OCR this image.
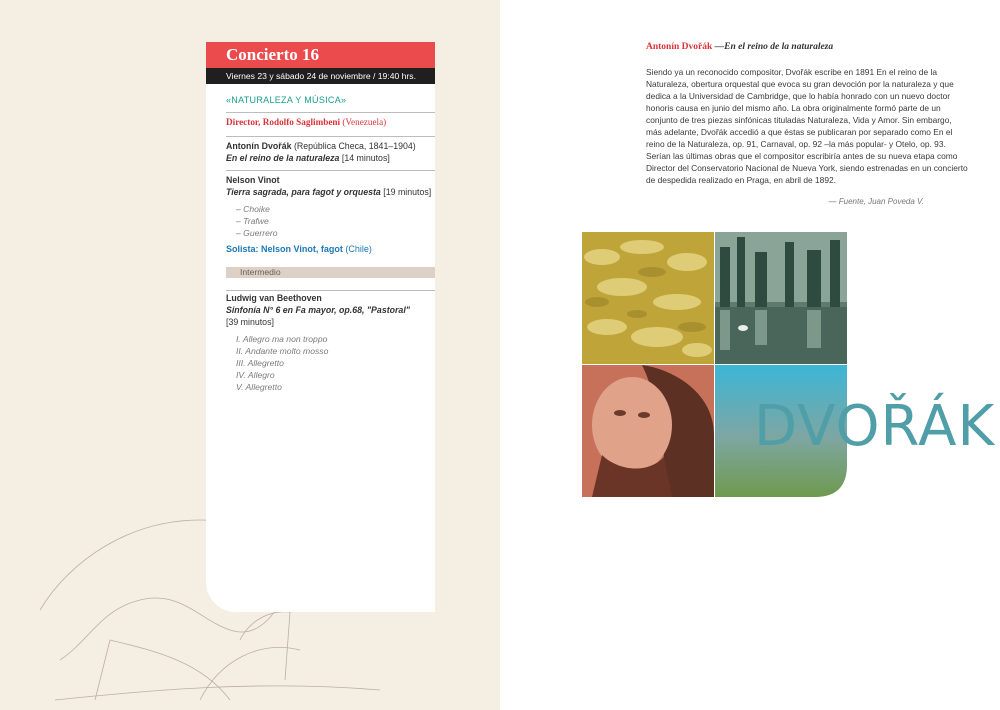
Concierto 16
Viernes 23 y sábado 24 de noviembre / 19:40 hrs.
«NATURALEZA Y MÚSICA»
Director, Rodolfo Saglimbeni (Venezuela)
Antonín Dvořák (República Checa, 1841–1904)
En el reino de la naturaleza [14 minutos]
Nelson Vinot
Tierra sagrada, para fagot y orquesta [19 minutos]
– Choike
– Trafwe
– Guerrero
Solista: Nelson Vinot, fagot (Chile)
Intermedio
Ludwig van Beethoven
Sinfonía N° 6 en Fa mayor, op.68, "Pastoral"
[39 minutos]
I. Allegro ma non troppo
II. Andante molto mosso
III. Allegretto
IV. Allegro
V. Allegretto
Antonín Dvořák —En el reino de la naturaleza
Siendo ya un reconocido compositor, Dvořák escribe en 1891 En el reino de la Naturaleza, obertura orquestal que evoca su gran devoción por la naturaleza y que dedica a la Universidad de Cambridge, que lo había honrado con un nuevo doctor honoris causa en junio del mismo año. La obra originalmente formó parte de un conjunto de tres piezas sinfónicas tituladas Naturaleza, Vida y Amor. Sin embargo, más adelante, Dvořák accedió a que éstas se publicaran por separado como En el reino de la Naturaleza, op. 91, Carnaval, op. 92 –la más popular- y Otelo, op. 93. Serían las últimas obras que el compositor escribiría antes de su nueva etapa como Director del Conservatorio Nacional de Nueva York, siendo estrenadas en un concierto de despedida realizado en Praga, en abril de 1892.
— Fuente, Juan Poveda V.
DVOŘÁK
